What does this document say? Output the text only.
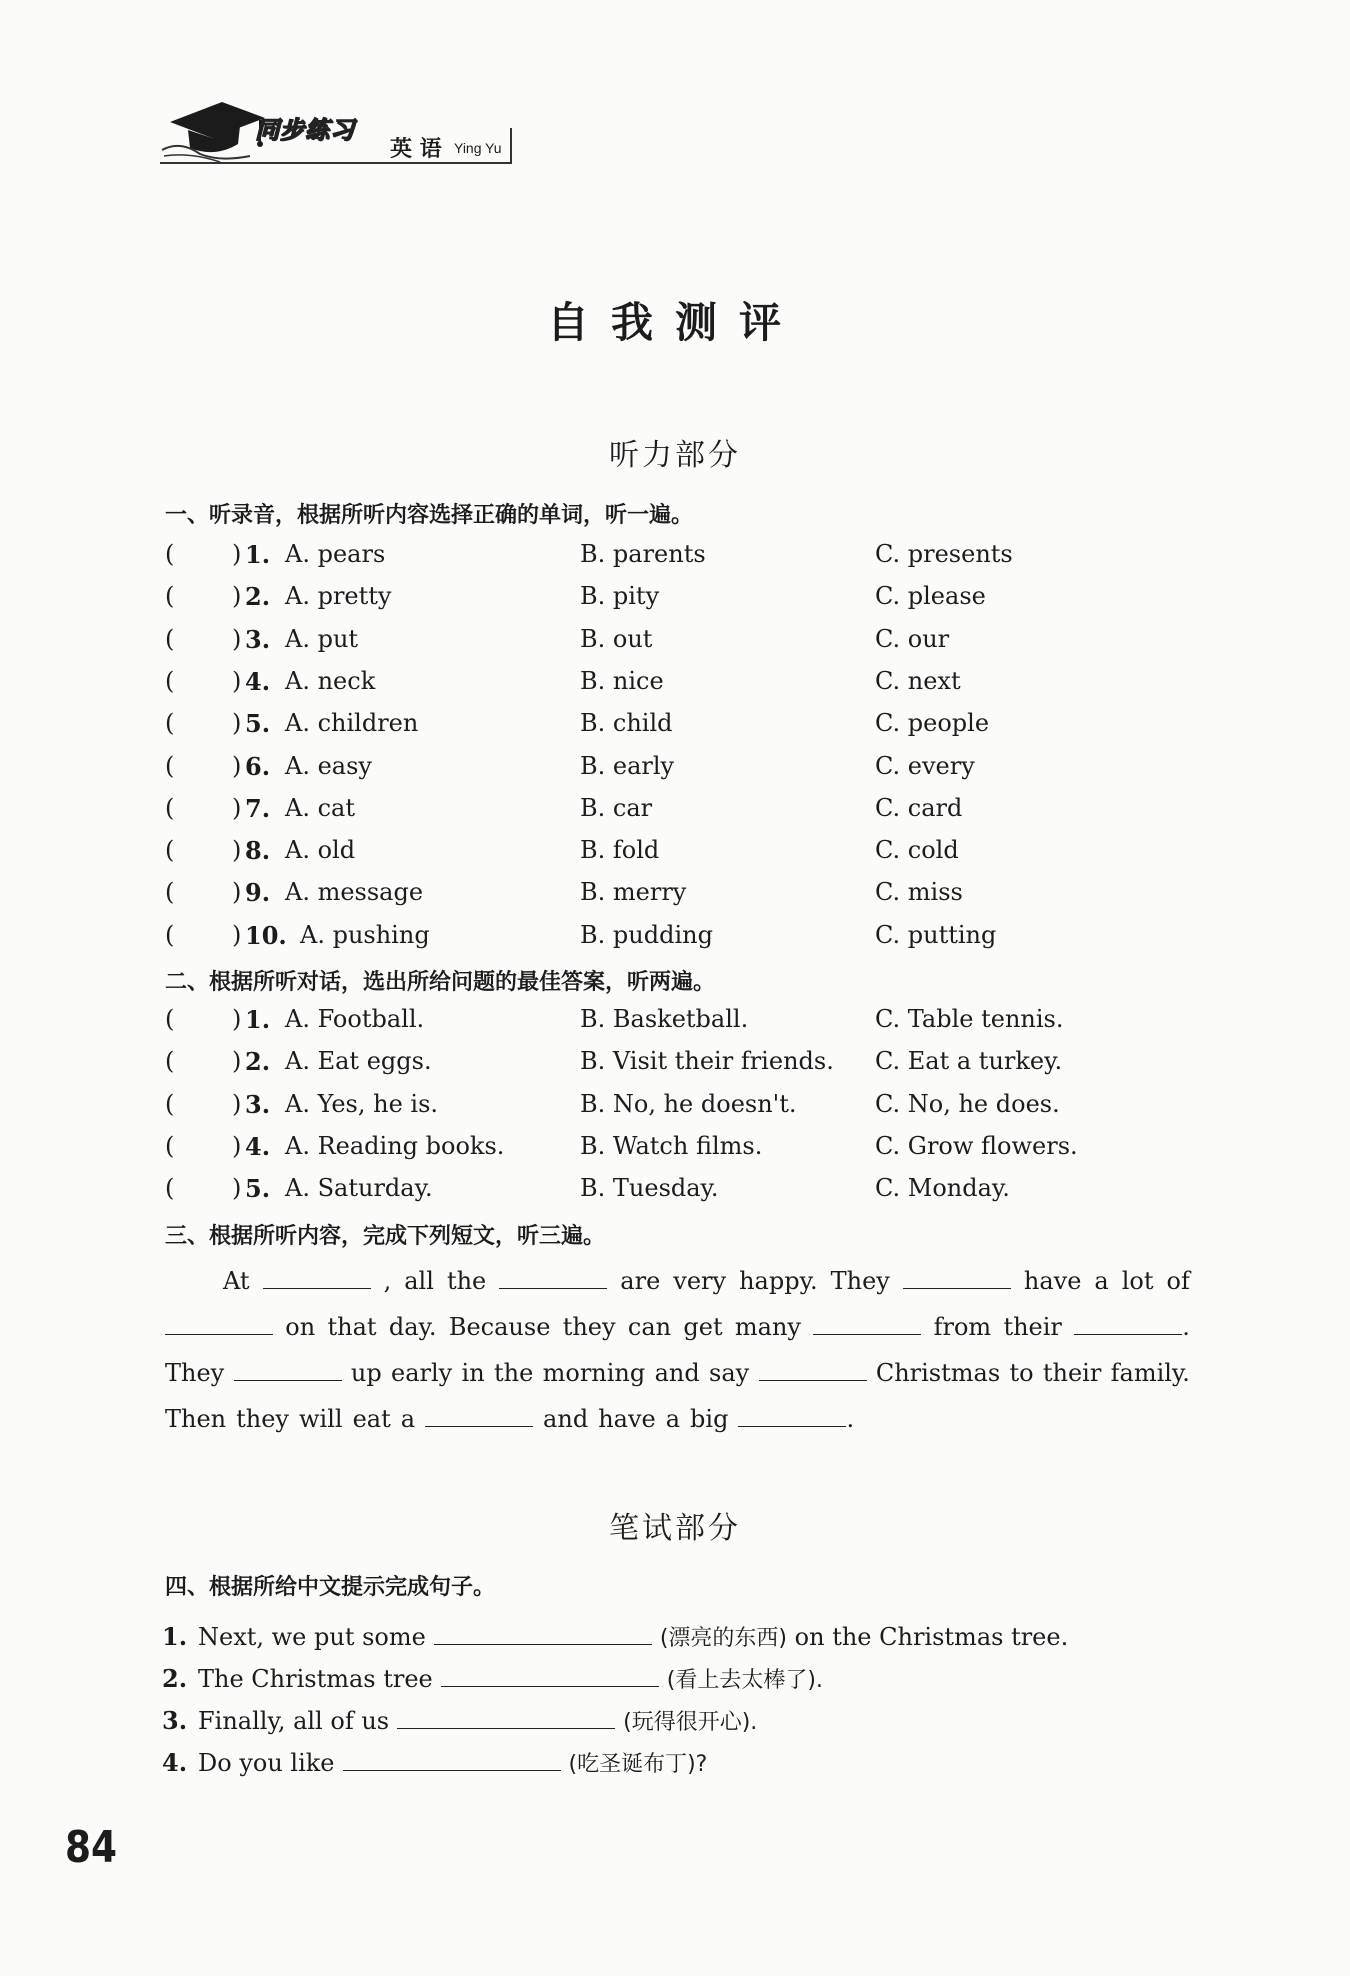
同步练习
英 语 Ying Yu
自我测评
听力部分
一、听录音，根据所听内容选择正确的单词，听一遍。
( ) 1. A. pears	B. parents	C. presents
( ) 2. A. pretty	B. pity	C. please
( ) 3. A. put	B. out	C. our
( ) 4. A. neck	B. nice	C. next
( ) 5. A. children	B. child	C. people
( ) 6. A. easy	B. early	C. every
( ) 7. A. cat	B. car	C. card
( ) 8. A. old	B. fold	C. cold
( ) 9. A. message	B. merry	C. miss
( ) 10. A. pushing	B. pudding	C. putting
二、根据所听对话，选出所给问题的最佳答案，听两遍。
( ) 1. A. Football.	B. Basketball.	C. Table tennis.
( ) 2. A. Eat eggs.	B. Visit their friends. C. Eat a turkey.
( ) 3. A. Yes, he is.	B. No, he doesn't.	C. No, he does.
( ) 4. A. Reading books.	B. Watch films.	C. Grow flowers.
( ) 5. A. Saturday.	B. Tuesday.	C. Monday.
三、根据所听内容，完成下列短文，听三遍。
At	, all the	are very happy. They	have a lot of
on that day. Because they can get many	from their	.
They	up early in the morning and say	Christmas to their family.
Then they will eat a	and have a big	.
笔试部分
四、根据所给中文提示完成句子。
1. Next, we put some	(漂亮的东西) on the Christmas tree.
2. The Christmas tree	(看上去太棒了).
3. Finally, all of us	(玩得很开心).
4. Do you like	(吃圣诞布丁)?
84
